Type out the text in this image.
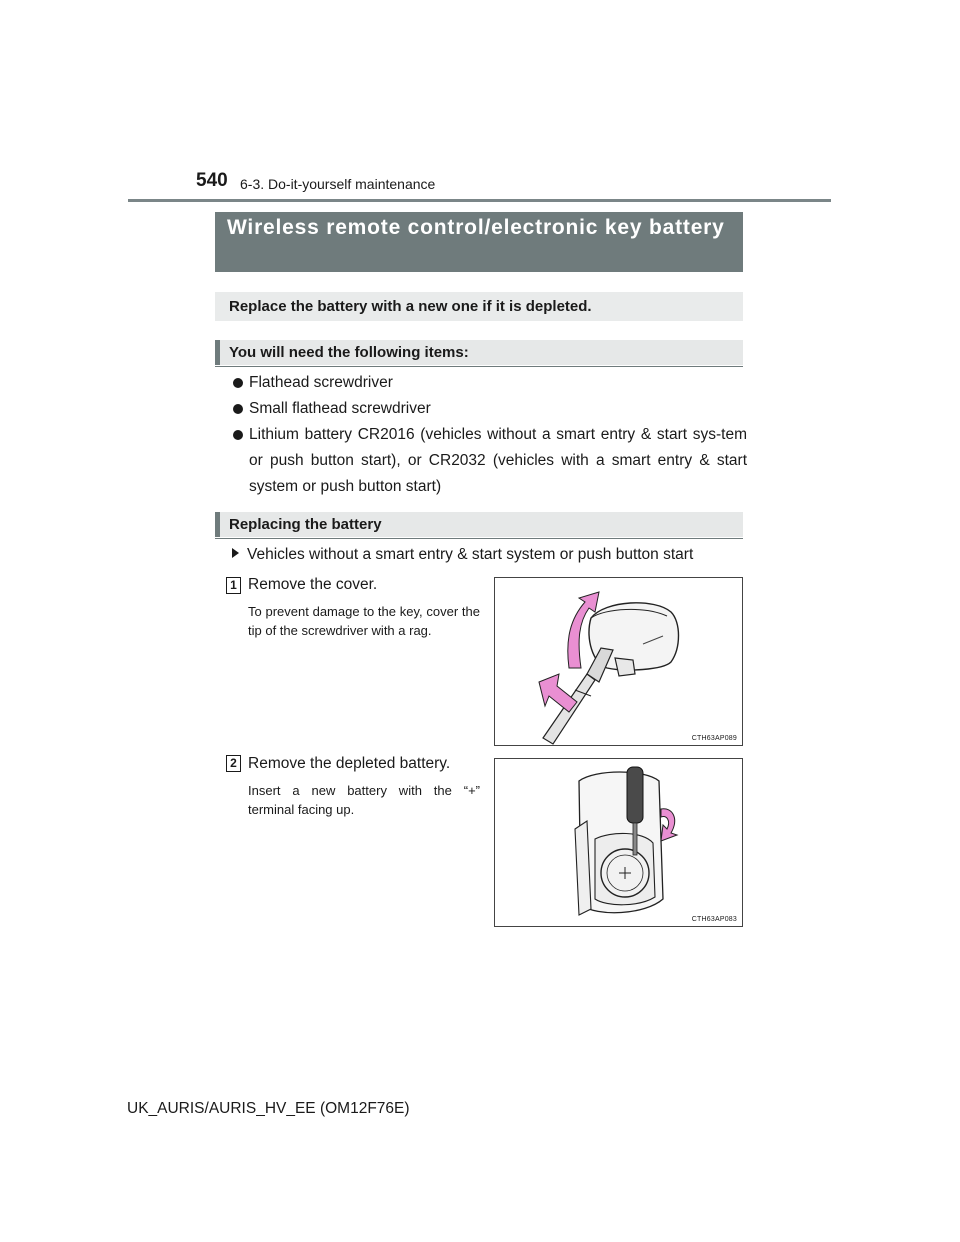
540 6-3. Do-it-yourself maintenance
Wireless remote control/electronic key battery
Replace the battery with a new one if it is depleted.
You will need the following items:
Flathead screwdriver
Small flathead screwdriver
Lithium battery CR2016 (vehicles without a smart entry & start sys-tem or push button start), or CR2032 (vehicles with a smart entry & start system or push button start)
Replacing the battery
Vehicles without a smart entry & start system or push button start
1 Remove the cover.
To prevent damage to the key, cover the tip of the screwdriver with a rag.
CTH63AP089
2 Remove the depleted battery.
Insert a new battery with the “+” terminal facing up.
CTH63AP083
UK_AURIS/AURIS_HV_EE (OM12F76E)
